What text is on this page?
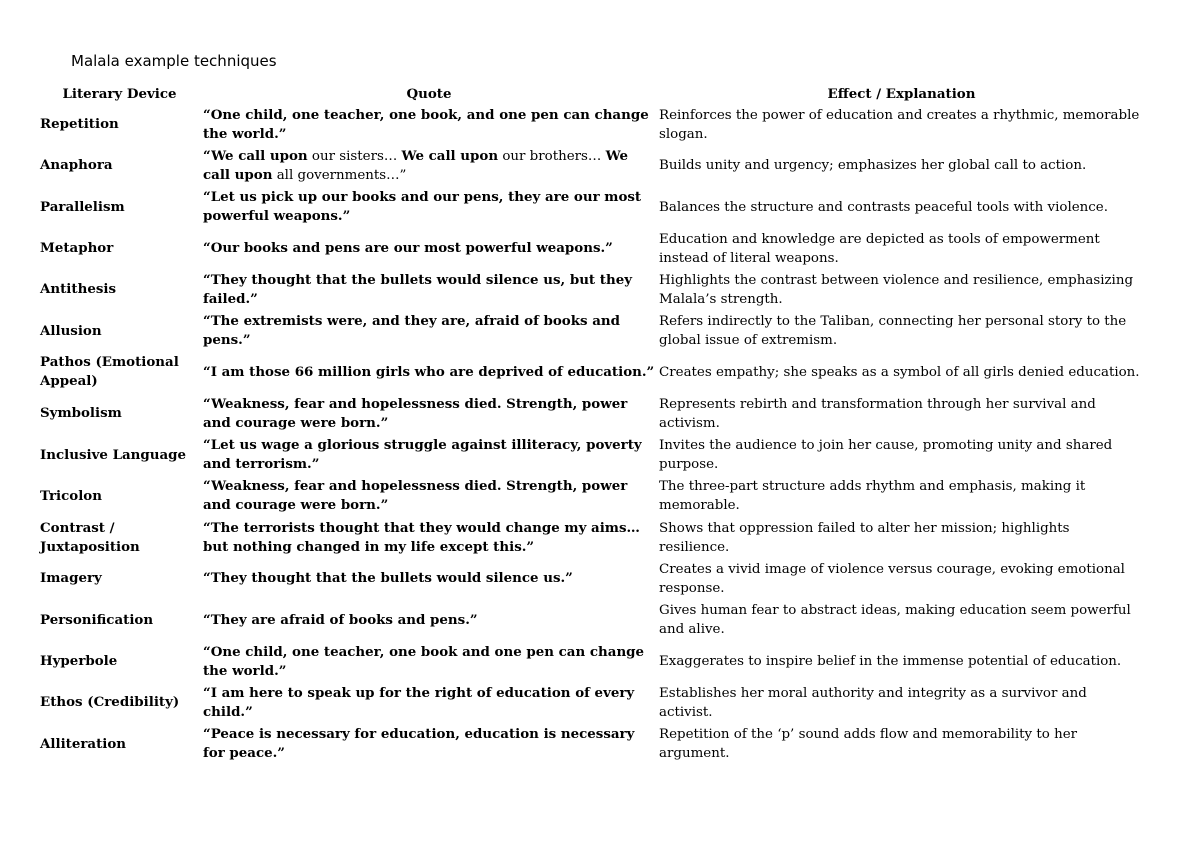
Malala example techniques
Literary Device	Quote	Effect / Explanation
Repetition	“One child, one teacher, one book, and one pen can change the world.”	Reinforces the power of education and creates a rhythmic, memorable slogan.
Anaphora	“We call upon our sisters… We call upon our brothers… We call upon all governments…”	Builds unity and urgency; emphasizes her global call to action.
Parallelism	“Let us pick up our books and our pens, they are our most powerful weapons.”	Balances the structure and contrasts peaceful tools with violence.
Metaphor	“Our books and pens are our most powerful weapons.”	Education and knowledge are depicted as tools of empowerment instead of literal weapons.
Antithesis	“They thought that the bullets would silence us, but they failed.”	Highlights the contrast between violence and resilience, emphasizing Malala’s strength.
Allusion	“The extremists were, and they are, afraid of books and pens.”	Refers indirectly to the Taliban, connecting her personal story to the global issue of extremism.
Pathos (Emotional Appeal)	“I am those 66 million girls who are deprived of education.”	Creates empathy; she speaks as a symbol of all girls denied education.
Symbolism	“Weakness, fear and hopelessness died. Strength, power and courage were born.”	Represents rebirth and transformation through her survival and activism.
Inclusive Language	“Let us wage a glorious struggle against illiteracy, poverty and terrorism.”	Invites the audience to join her cause, promoting unity and shared purpose.
Tricolon	“Weakness, fear and hopelessness died. Strength, power and courage were born.”	The three-part structure adds rhythm and emphasis, making it memorable.
Contrast / Juxtaposition	“The terrorists thought that they would change my aims… but nothing changed in my life except this.”	Shows that oppression failed to alter her mission; highlights resilience.
Imagery	“They thought that the bullets would silence us.”	Creates a vivid image of violence versus courage, evoking emotional response.
Personification	“They are afraid of books and pens.”	Gives human fear to abstract ideas, making education seem powerful and alive.
Hyperbole	“One child, one teacher, one book and one pen can change the world.”	Exaggerates to inspire belief in the immense potential of education.
Ethos (Credibility)	“I am here to speak up for the right of education of every child.”	Establishes her moral authority and integrity as a survivor and activist.
Alliteration	“Peace is necessary for education, education is necessary for peace.”	Repetition of the ‘p’ sound adds flow and memorability to her argument.
